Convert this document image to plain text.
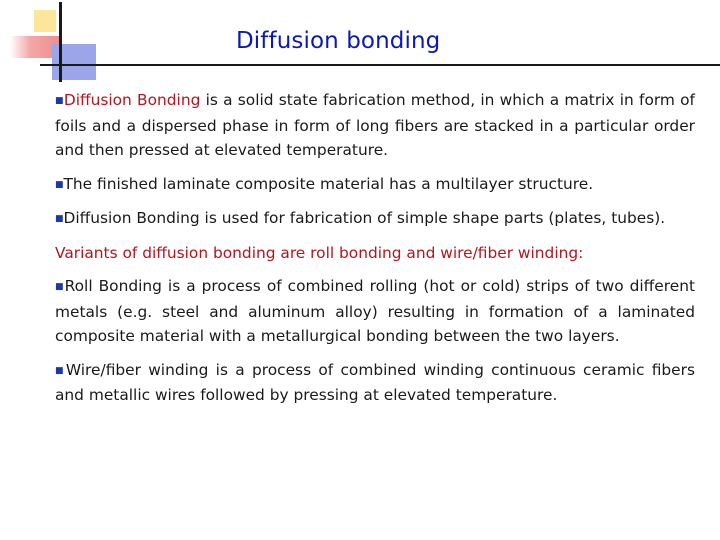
Diffusion bonding

■Diffusion Bonding is a solid state fabrication method, in which a matrix in form of foils and a dispersed phase in form of long fibers are stacked in a particular order and then pressed at elevated temperature.

■The finished laminate composite material has a multilayer structure.

■Diffusion Bonding is used for fabrication of simple shape parts (plates, tubes).

Variants of diffusion bonding are roll bonding and wire/fiber winding:

■Roll Bonding is a process of combined rolling (hot or cold) strips of two different metals (e.g. steel and aluminum alloy) resulting in formation of a laminated composite material with a metallurgical bonding between the two layers.

■Wire/fiber winding is a process of combined winding continuous ceramic fibers and metallic wires followed by pressing at elevated temperature.
